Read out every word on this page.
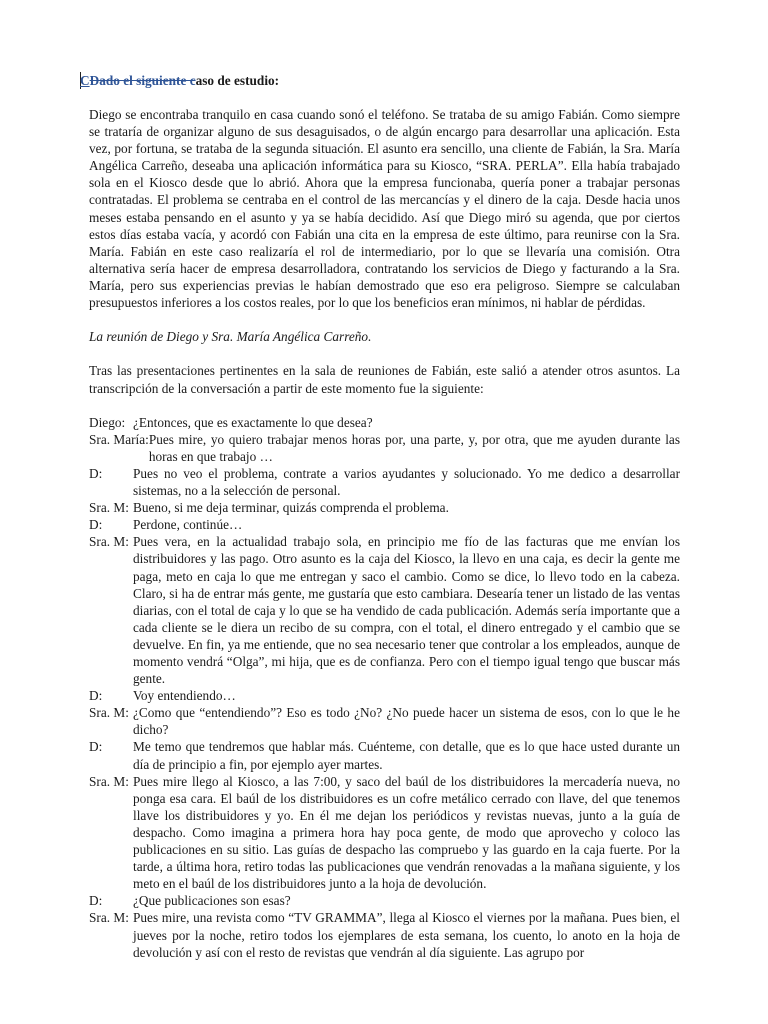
CDado el siguiente caso de estudio:

Diego se encontraba tranquilo en casa cuando sonó el teléfono. Se trataba de su amigo Fabián. Como siempre se trataría de organizar alguno de sus desaguisados, o de algún encargo para desarrollar una aplicación. Esta vez, por fortuna, se trataba de la segunda situación. El asunto era sencillo, una cliente de Fabián, la Sra. María Angélica Carreño, deseaba una aplicación informática para su Kiosco, “SRA. PERLA”. Ella había trabajado sola en el Kiosco desde que lo abrió. Ahora que la empresa funcionaba, quería poner a trabajar personas contratadas. El problema se centraba en el control de las mercancías y el dinero de la caja. Desde hacia unos meses estaba pensando en el asunto y ya se había decidido. Así que Diego miró su agenda, que por ciertos estos días estaba vacía, y acordó con Fabián una cita en la empresa de este último, para reunirse con la Sra. María. Fabián en este caso realizaría el rol de intermediario, por lo que se llevaría una comisión. Otra alternativa sería hacer de empresa desarrolladora, contratando los servicios de Diego y facturando a la Sra. María, pero sus experiencias previas le habían demostrado que eso era peligroso. Siempre se calculaban presupuestos inferiores a los costos reales, por lo que los beneficios eran mínimos, ni hablar de pérdidas.

La reunión de Diego y Sra. María Angélica Carreño.

Tras las presentaciones pertinentes en la sala de reuniones de Fabián, este salió a atender otros asuntos. La transcripción de la conversación a partir de este momento fue la siguiente:

Diego: ¿Entonces, que es exactamente lo que desea?
Sra. María: Pues mire, yo quiero trabajar menos horas por, una parte, y, por otra, que me ayuden durante las horas en que trabajo …
D:	Pues no veo el problema, contrate a varios ayudantes y solucionado. Yo me dedico a desarrollar sistemas, no a la selección de personal.
Sra. M: Bueno, si me deja terminar, quizás comprenda el problema.
D:	Perdone, continúe…
Sra. M: Pues vera, en la actualidad trabajo sola, en principio me fío de las facturas que me envían los distribuidores y las pago. Otro asunto es la caja del Kiosco, la llevo en una caja, es decir la gente me paga, meto en caja lo que me entregan y saco el cambio. Como se dice, lo llevo todo en la cabeza. Claro, si ha de entrar más gente, me gustaría que esto cambiara. Desearía tener un listado de las ventas diarias, con el total de caja y lo que se ha vendido de cada publicación. Además sería importante que a cada cliente se le diera un recibo de su compra, con el total, el dinero entregado y el cambio que se devuelve. En fin, ya me entiende, que no sea necesario tener que controlar a los empleados, aunque de momento vendrá “Olga”, mi hija, que es de confianza. Pero con el tiempo igual tengo que buscar más gente.
D:	Voy entendiendo…
Sra. M: ¿Como que “entendiendo”? Eso es todo ¿No? ¿No puede hacer un sistema de esos, con lo que le he dicho?
D:	Me temo que tendremos que hablar más. Cuénteme, con detalle, que es lo que hace usted durante un día de principio a fin, por ejemplo ayer martes.
Sra. M: Pues mire llego al Kiosco, a las 7:00, y saco del baúl de los distribuidores la mercadería nueva, no ponga esa cara. El baúl de los distribuidores es un cofre metálico cerrado con llave, del que tenemos llave los distribuidores y yo. En él me dejan los periódicos y revistas nuevas, junto a la guía de despacho. Como imagina a primera hora hay poca gente, de modo que aprovecho y coloco las publicaciones en su sitio. Las guías de despacho las compruebo y las guardo en la caja fuerte. Por la tarde, a última hora, retiro todas las publicaciones que vendrán renovadas a la mañana siguiente, y los meto en el baúl de los distribuidores junto a la hoja de devolución.
D:	¿Que publicaciones son esas?
Sra. M: Pues mire, una revista como “TV GRAMMA”, llega al Kiosco el viernes por la mañana. Pues bien, el jueves por la noche, retiro todos los ejemplares de esta semana, los cuento, lo anoto en la hoja de devolución y así con el resto de revistas que vendrán al día siguiente. Las agrupo por
